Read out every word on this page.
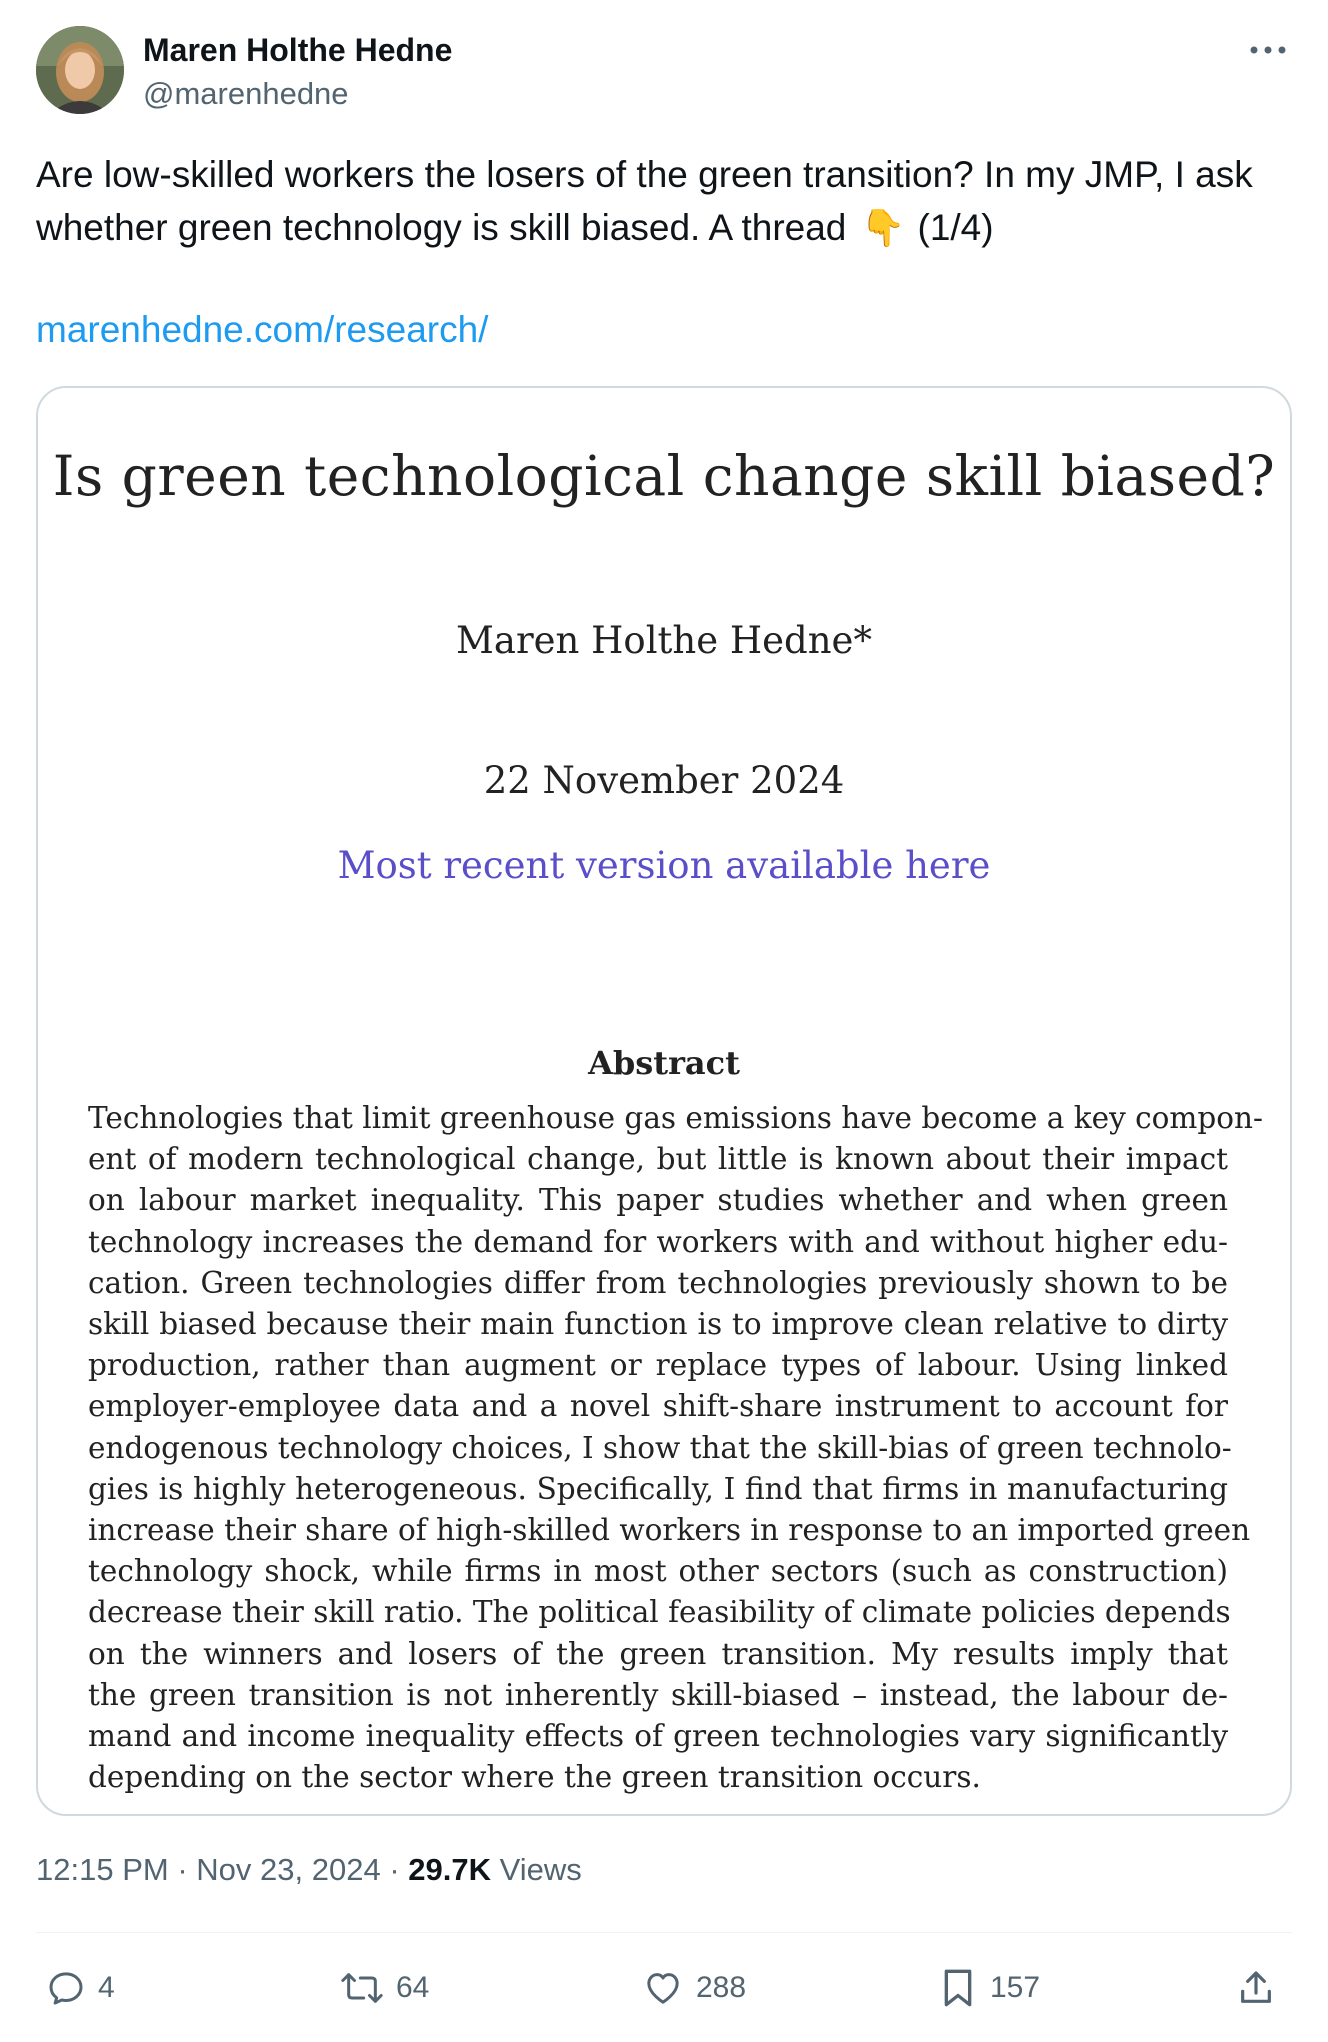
Maren Holthe Hedne
@marenhedne
Are low-skilled workers the losers of the green transition? In my JMP, I ask whether green technology is skill biased. A thread 👇 (1/4)
marenhedne.com/research/
Is green technological change skill biased?
Maren Holthe Hedne*
22 November 2024
Most recent version available here
Abstract
Technologies that limit greenhouse gas emissions have become a key compon-
ent of modern technological change, but little is known about their impact
on labour market inequality. This paper studies whether and when green
technology increases the demand for workers with and without higher edu-
cation. Green technologies differ from technologies previously shown to be
skill biased because their main function is to improve clean relative to dirty
production, rather than augment or replace types of labour. Using linked
employer-employee data and a novel shift-share instrument to account for
endogenous technology choices, I show that the skill-bias of green technolo-
gies is highly heterogeneous. Specifically, I find that firms in manufacturing
increase their share of high-skilled workers in response to an imported green
technology shock, while firms in most other sectors (such as construction)
decrease their skill ratio. The political feasibility of climate policies depends
on the winners and losers of the green transition. My results imply that
the green transition is not inherently skill-biased – instead, the labour de-
mand and income inequality effects of green technologies vary significantly
depending on the sector where the green transition occurs.
12:15 PM · Nov 23, 2024 · 29.7K Views
4	64	288	157
